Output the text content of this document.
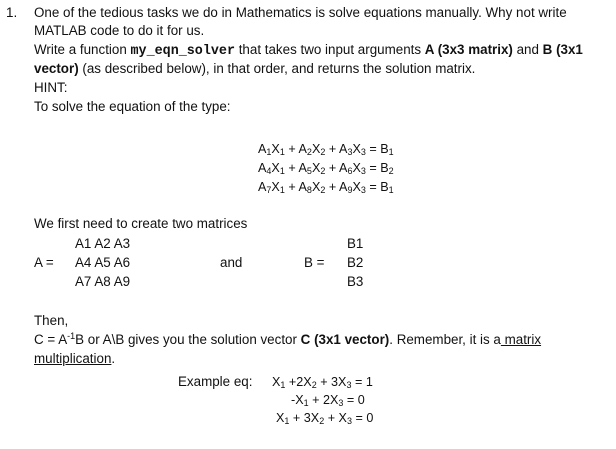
1. One of the tedious tasks we do in Mathematics is solve equations manually. Why not write
MATLAB code to do it for us.
Write a function my_eqn_solver that takes two input arguments A (3x3 matrix) and B (3x1
vector) (as described below), in that order, and returns the solution matrix.
HINT:
To solve the equation of the type:
$A_1X_1 + A_2X_2 + A_3X_3 = B_1$
$A_4X_1 + A_5X_2 + A_6X_3 = B_2$
$A_7X_1 + A_8X_2 + A_9X_3 = B_1$
We first need to create two matrices
A1 A2 A3
A = A4 A5 A6
A7 A8 A9
and	B =
B1
B2
B3
Then,
$C = A^{-1}B$ or A\B gives you the solution vector C (3x1 vector). Remember, it is a matrix
multiplication.
Example eq: $X_1 +2X_2 + 3X_3 = 1$
$-X_1 + 2X_3 = 0$
$X_1 + 3X_2 + X_3 = 0$
